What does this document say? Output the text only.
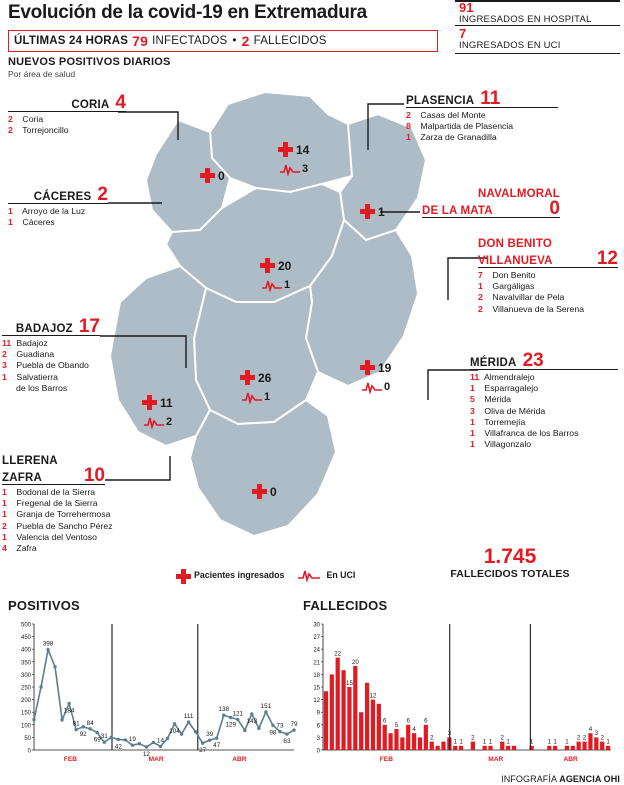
Evolución de la covid-19 en Extremadura	91
INGRESADOS EN HOSPITAL
7
INGRESADOS EN UCI
ÚLTIMAS 24 HORAS 79 INFECTADOS • 2 FALLECIDOS
NUEVOS POSITIVOS DIARIOS
Por área de salud
0
14
3
1
20
1
11
2
26
1
19
0
0
CORIA 4
2 Coria
2 Torrejoncillo
CÁCERES 2
1 Arroyo de la Luz
1 Cáceres
BADAJOZ 17
11 Badajoz
2 Guadiana
3 Puebla de Obando
1 Salvatierra
de los Barros
LLERENA
ZAFRA 10
1 Bodonal de la Sierra
1 Fregenal de la Sierra
1 Granja de Torrehermosa
2 Puebla de Sancho Pérez
1 Valencia del Ventoso
4 Zafra
PLASENCIA 11
2 Casas del Monte
8 Malpartida de Plasencia
1 Zarza de Granadilla
NAVALMORAL
DE LA MATA	0
DON BENITO
VILLANUEVA 12
7 Don Benito
1 Gargáligas
2 Navalvillar de Pela
2 Villanueva de la Serena
MÉRIDA 23
11 Almendralejo
1 Esparragalejo
5 Mérida
3 Oliva de Mérida
1 Torremejía
1 Villafranca de los Barros
1 Villagonzalo
Pacientes ingresados	En UCI
1.745
FALLECIDOS TOTALES
POSITIVOS
0
50
100
150
200
250
300
350
400
450
500
398
184
81
92
84
69 31
42
19
12
14
104
111
27
39
47
138
129
121
143
151
98
73
63
79
FEB	MAR	ABR
FALLECIDOS
0
3
6
9
12
15
18
21
24
27
30
22
15
20
12
6
5
6
4
6
2
3
1 1
2
1 1
2
1	1 1 1 1
2 2
4
3
2
1
FEB	MAR	ABR
INFOGRAFÍA AGENCIA OHI
